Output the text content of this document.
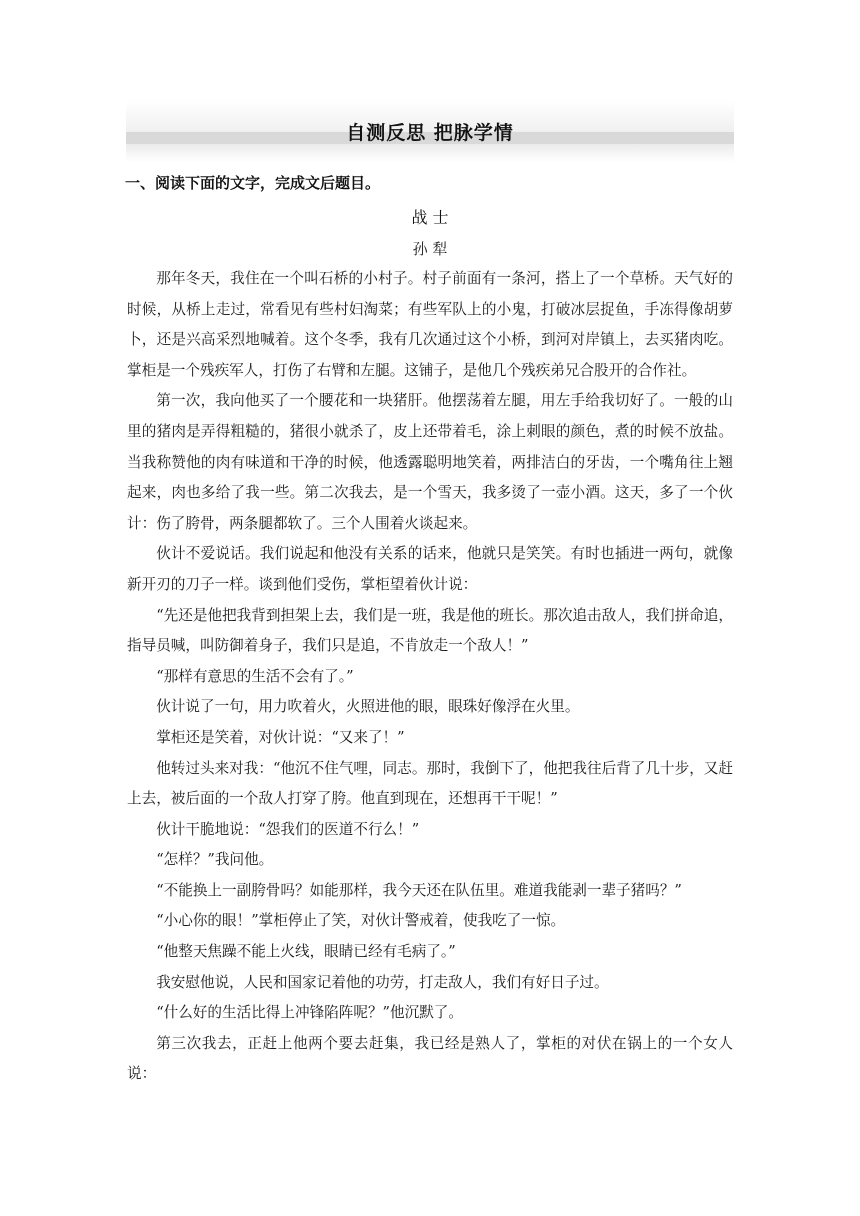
自测反思 把脉学情
一、阅读下面的文字，完成文后题目。
战 士
孙 犁

那年冬天，我住在一个叫石桥的小村子。村子前面有一条河，搭上了一个草桥。天气好的时候，从桥上走过，常看见有些村妇淘菜；有些军队上的小鬼，打破冰层捉鱼，手冻得像胡萝卜，还是兴高采烈地喊着。这个冬季，我有几次通过这个小桥，到河对岸镇上，去买猪肉吃。掌柜是一个残疾军人，打伤了右臂和左腿。这铺子，是他几个残疾弟兄合股开的合作社。

第一次，我向他买了一个腰花和一块猪肝。他摆荡着左腿，用左手给我切好了。一般的山里的猪肉是弄得粗糙的，猪很小就杀了，皮上还带着毛，涂上刺眼的颜色，煮的时候不放盐。当我称赞他的肉有味道和干净的时候，他透露聪明地笑着，两排洁白的牙齿，一个嘴角往上翘起来，肉也多给了我一些。第二次我去，是一个雪天，我多烫了一壶小酒。这天，多了一个伙计：伤了胯骨，两条腿都软了。三个人围着火谈起来。

伙计不爱说话。我们说起和他没有关系的话来，他就只是笑笑。有时也插进一两句，就像新开刃的刀子一样。谈到他们受伤，掌柜望着伙计说：

“先还是他把我背到担架上去，我们是一班，我是他的班长。那次追击敌人，我们拼命追，指导员喊，叫防御着身子，我们只是追，不肯放走一个敌人！”

“那样有意思的生活不会有了。”

伙计说了一句，用力吹着火，火照进他的眼，眼珠好像浮在火里。

掌柜还是笑着，对伙计说：“又来了！”

他转过头来对我：“他沉不住气哩，同志。那时，我倒下了，他把我往后背了几十步，又赶上去，被后面的一个敌人打穿了胯。他直到现在，还想再干干呢！”

伙计干脆地说：“怨我们的医道不行么！”

“怎样？”我问他。

“不能换上一副胯骨吗？如能那样，我今天还在队伍里。难道我能剥一辈子猪吗？”

“小心你的眼！”掌柜停止了笑，对伙计警戒着，使我吃了一惊。

“他整天焦躁不能上火线，眼睛已经有毛病了。”

我安慰他说，人民和国家记着他的功劳，打走敌人，我们有好日子过。

“什么好的生活比得上冲锋陷阵呢？”他沉默了。

第三次我去，正赶上他两个要去赶集，我已经是熟人了，掌柜的对伏在锅上的一个女人说：
